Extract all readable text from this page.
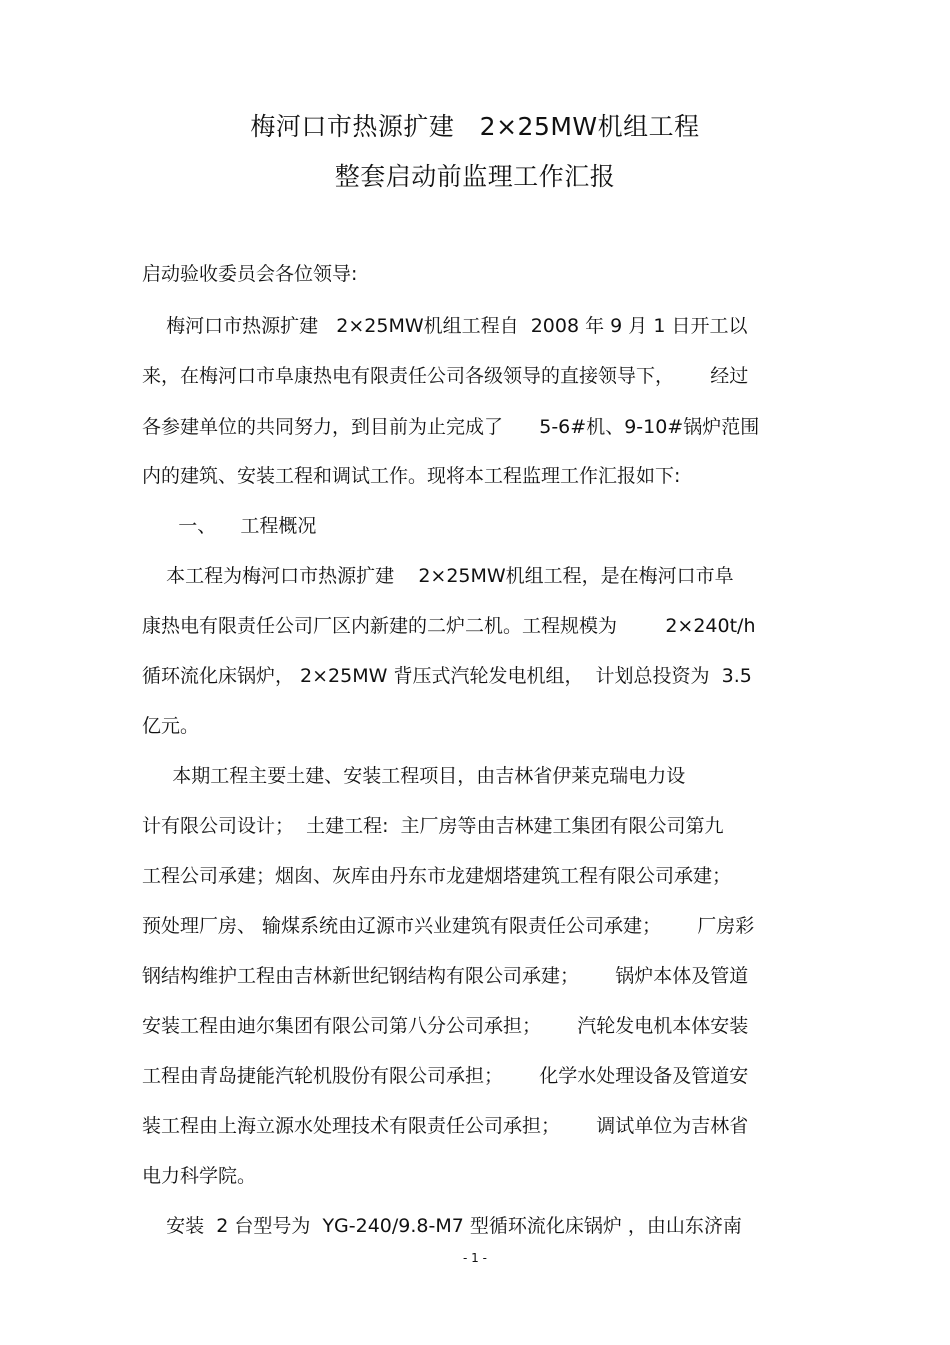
梅河口市热源扩建   2×25MW机组工程
整套启动前监理工作汇报
启动验收委员会各位领导:
梅河口市热源扩建   2×25MW机组工程自  2008 年 9 月 1 日开工以
来，在梅河口市阜康热电有限责任公司各级领导的直接领导下，      经过
各参建单位的共同努力，到目前为止完成了      5-6#机、9-10#锅炉范围
内的建筑、安装工程和调试工作。现将本工程监理工作汇报如下:
一、    工程概况
本工程为梅河口市热源扩建    2×25MW机组工程，是在梅河口市阜
康热电有限责任公司厂区内新建的二炉二机。工程规模为        2×240t/h
循环流化床锅炉， 2×25MW 背压式汽轮发电机组，  计划总投资为  3.5
亿元。
本期工程主要土建、安装工程项目，由吉林省伊莱克瑞电力设
计有限公司设计；  土建工程:  主厂房等由吉林建工集团有限公司第九
工程公司承建；烟囱、灰库由丹东市龙建烟塔建筑工程有限公司承建；
预处理厂房、 输煤系统由辽源市兴业建筑有限责任公司承建；      厂房彩
钢结构维护工程由吉林新世纪钢结构有限公司承建；      锅炉本体及管道
安装工程由迪尔集团有限公司第八分公司承担；      汽轮发电机本体安装
工程由青岛捷能汽轮机股份有限公司承担；      化学水处理设备及管道安
装工程由上海立源水处理技术有限责任公司承担；      调试单位为吉林省
电力科学院。
安装  2 台型号为  YG-240/9.8-M7 型循环流化床锅炉 ，由山东济南
- 1 -
